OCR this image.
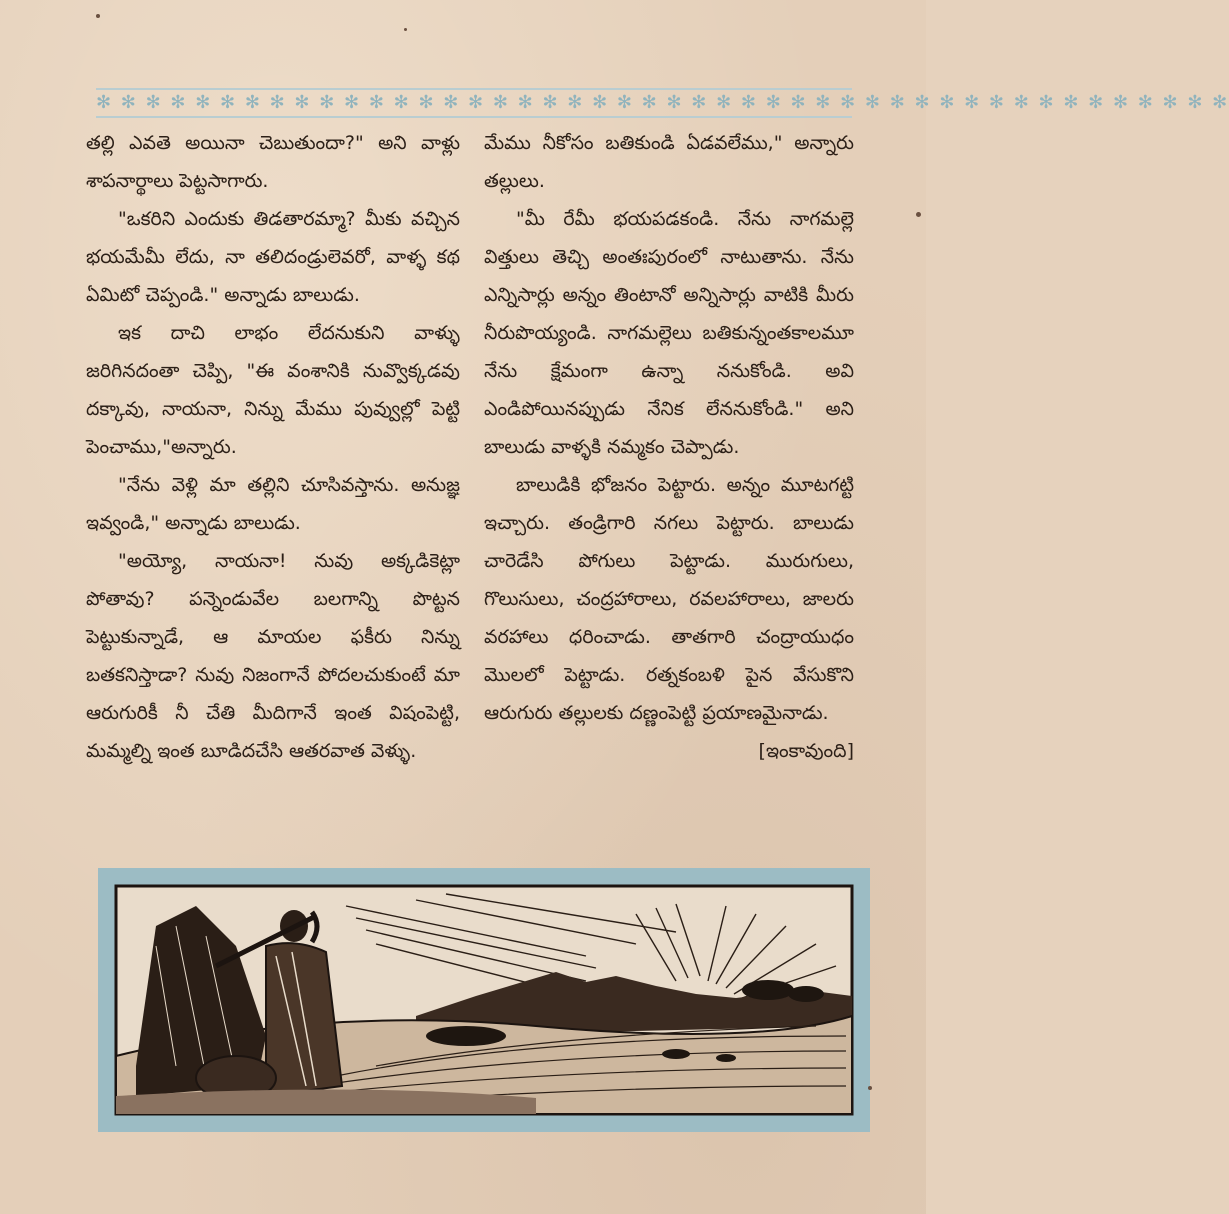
✻ ✻ ✻ ✻ ✻ ✻ ✻ ✻ ✻ ✻ ✻ ✻ ✻ ✻ ✻ ✻ ✻ ✻ ✻ ✻ ✻ ✻ ✻ ✻ ✻ ✻ ✻ ✻ ✻ ✻ ✻ ✻ ✻ ✻ ✻ ✻ ✻ ✻ ✻ ✻ ✻ ✻ ✻ ✻ ✻ ✻

తల్లి ఎవతె అయినా చెబుతుందా?" అని వాళ్లు శాపనార్థాలు పెట్టసాగారు.

"ఒకరిని ఎందుకు తిడతారమ్మా? మీకు వచ్చిన భయమేమీ లేదు, నా తలిదండ్రులెవరో, వాళ్ళ కథ ఏమిటో చెప్పండి." అన్నాడు బాలుడు.

ఇక దాచి లాభం లేదనుకుని వాళ్ళు జరిగినదంతా చెప్పి, "ఈ వంశానికి నువ్వొక్కడవు దక్కావు, నాయనా, నిన్ను మేము పువ్వుల్లో పెట్టి పెంచాము,"అన్నారు.

"నేను వెళ్లి మా తల్లిని చూసివస్తాను. అనుజ్ఞ ఇవ్వండి," అన్నాడు బాలుడు.

"అయ్యో, నాయనా! నువు అక్కడికెట్లా పోతావు? పన్నెండువేల బలగాన్ని పొట్టన పెట్టుకున్నాడే, ఆ మాయల ఫకీరు నిన్ను బతకనిస్తాడా? నువు నిజంగానే పోదలచుకుంటే మా ఆరుగురికీ నీ చేతి మీదిగానే ఇంత విషంపెట్టి, మమ్మల్ని ఇంత బూడిదచేసి ఆతరవాత వెళ్ళు.

మేము నీకోసం బతికుండి ఏడవలేము," అన్నారు తల్లులు.

"మీ రేమీ భయపడకండి. నేను నాగమల్లె విత్తులు తెచ్చి అంతఃపురంలో నాటుతాను. నేను ఎన్నిసార్లు అన్నం తింటానో అన్నిసార్లు వాటికి మీరు నీరుపొయ్యండి. నాగమల్లెలు బతికున్నంతకాలమూ నేను క్షేమంగా ఉన్నా ననుకోండి. అవి ఎండిపోయినప్పుడు నేనిక లేననుకోండి." అని బాలుడు వాళ్ళకి నమ్మకం చెప్పాడు.

బాలుడికి భోజనం పెట్టారు. అన్నం మూటగట్టి ఇచ్చారు. తండ్రిగారి నగలు పెట్టారు. బాలుడు చారెడేసి పోగులు పెట్టాడు. మురుగులు, గొలుసులు, చంద్రహారాలు, రవలహారాలు, జాలరు వరహాలు ధరించాడు. తాతగారి చంద్రాయుధం మొలలో పెట్టాడు. రత్నకంబళి పైన వేసుకొని ఆరుగురు తల్లులకు దణ్ణంపెట్టి ప్రయాణమైనాడు.
[ఇంకావుంది]
